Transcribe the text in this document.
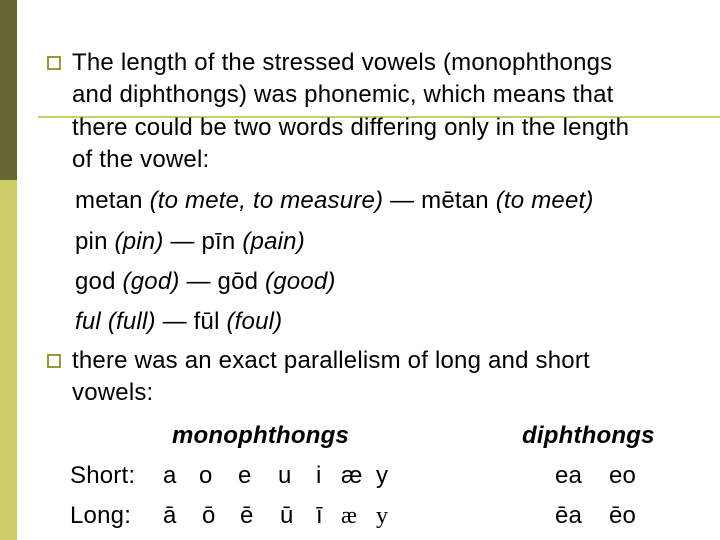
The length of the stressed vowels (monophthongs
and diphthongs) was phonemic, which means that
there could be two words differing only in the length
of the vowel:
metan (to mete, to measure) — mētan (to meet)
pin (pin) — pīn (pain)
god (god) — gōd (good)
ful (full) — fūl (foul)
there was an exact parallelism of long and short
vowels:
monophthongs	diphthongs
Short: a o e u i æ y	ea eo
Long: ā ō ē ū ī æ y	ēa ēo
